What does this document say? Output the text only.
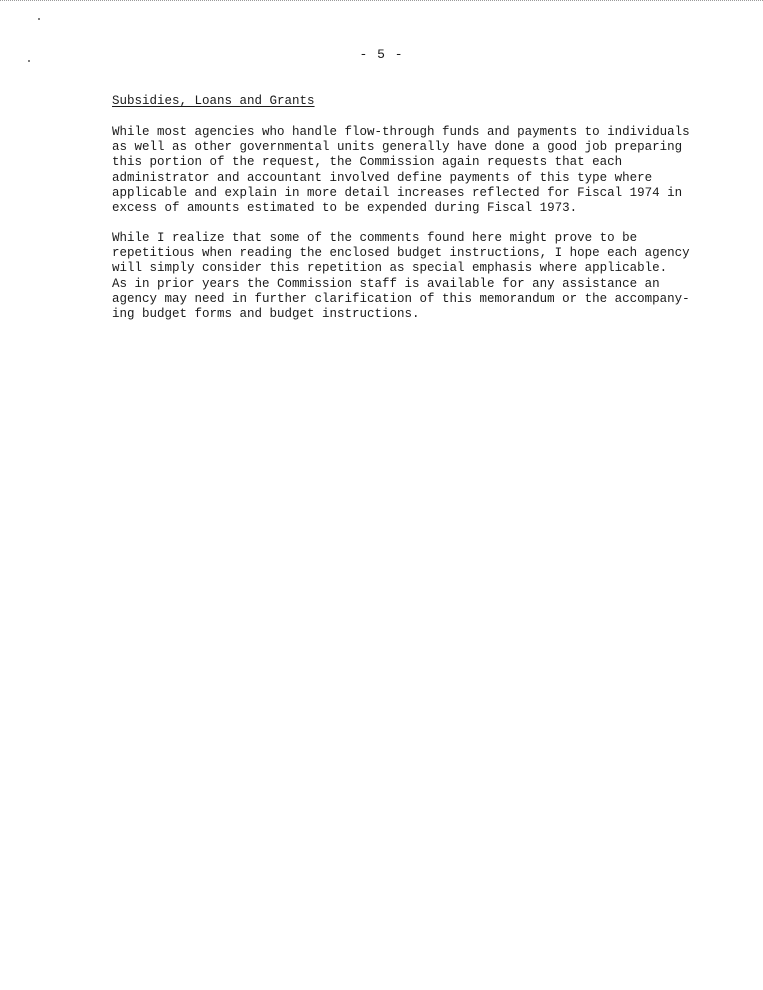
- 5 -
Subsidies, Loans and Grants
While most agencies who handle flow-through funds and payments to individuals
as well as other governmental units generally have done a good job preparing
this portion of the request, the Commission again requests that each
administrator and accountant involved define payments of this type where
applicable and explain in more detail increases reflected for Fiscal 1974 in
excess of amounts estimated to be expended during Fiscal 1973.
While I realize that some of the comments found here might prove to be
repetitious when reading the enclosed budget instructions, I hope each agency
will simply consider this repetition as special emphasis where applicable.
As in prior years the Commission staff is available for any assistance an
agency may need in further clarification of this memorandum or the accompany-
ing budget forms and budget instructions.
